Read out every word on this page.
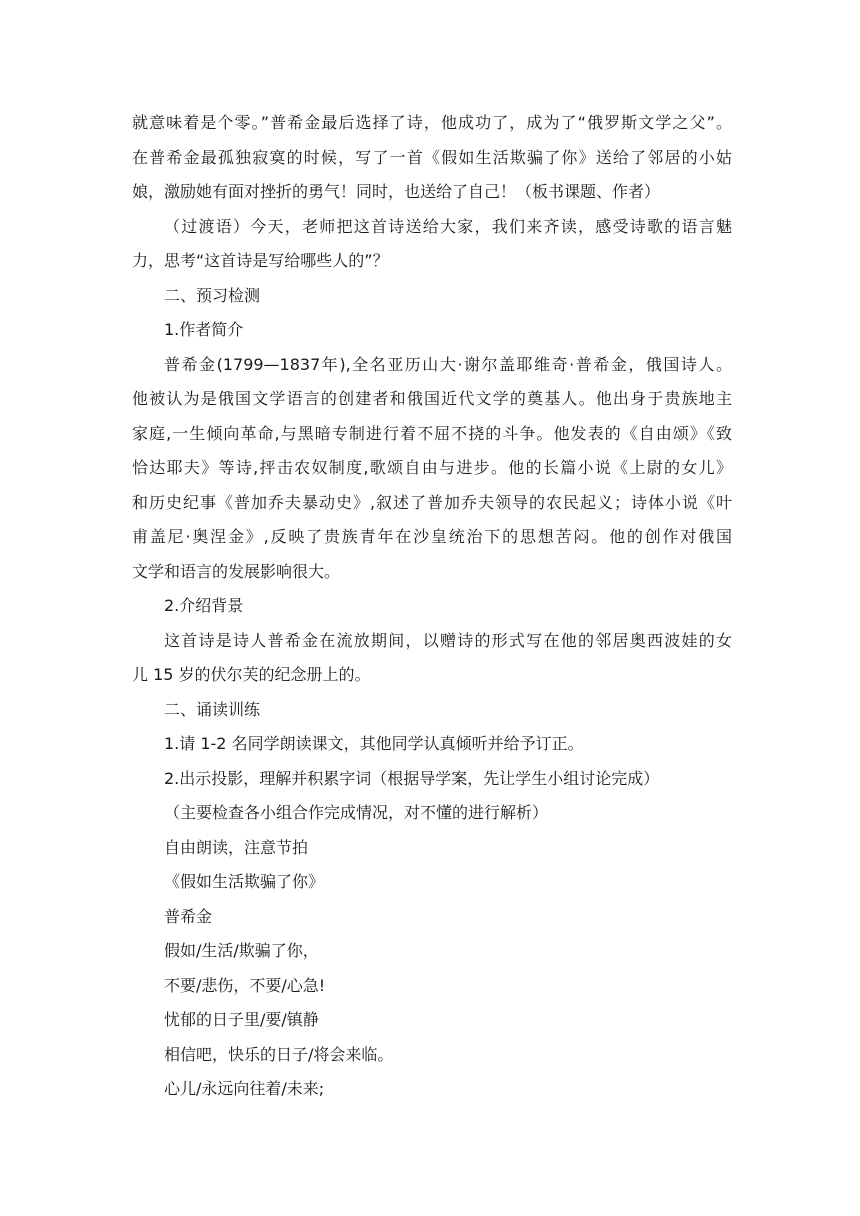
就意味着是个零。”普希金最后选择了诗，他成功了，成为了“俄罗斯文学之父”。
在普希金最孤独寂寞的时候，写了一首《假如生活欺骗了你》送给了邻居的小姑
娘，激励她有面对挫折的勇气！同时，也送给了自己！（板书课题、作者）
（过渡语）今天，老师把这首诗送给大家，我们来齐读，感受诗歌的语言魅
力，思考“这首诗是写给哪些人的”？
二、预习检测
1.作者简介
普希金(1799—1837年),全名亚历山大·谢尔盖耶维奇·普希金，俄国诗人。
他被认为是俄国文学语言的创建者和俄国近代文学的奠基人。他出身于贵族地主
家庭,一生倾向革命,与黑暗专制进行着不屈不挠的斗争。他发表的《自由颂》《致
恰达耶夫》等诗,抨击农奴制度,歌颂自由与进步。他的长篇小说《上尉的女儿》
和历史纪事《普加乔夫暴动史》,叙述了普加乔夫领导的农民起义；诗体小说《叶
甫盖尼·奥涅金》,反映了贵族青年在沙皇统治下的思想苦闷。他的创作对俄国
文学和语言的发展影响很大。
2.介绍背景
这首诗是诗人普希金在流放期间，以赠诗的形式写在他的邻居奥西波娃的女
儿 15 岁的伏尔芙的纪念册上的。
二、诵读训练
1.请 1-2 名同学朗读课文，其他同学认真倾听并给予订正。
2.出示投影，理解并积累字词（根据导学案，先让学生小组讨论完成）
（主要检查各小组合作完成情况，对不懂的进行解析）
自由朗读，注意节拍
《假如生活欺骗了你》
普希金
假如/生活/欺骗了你，
不要/悲伤，不要/心急!
忧郁的日子里/要/镇静
相信吧，快乐的日子/将会来临。
心儿/永远向往着/未来;
